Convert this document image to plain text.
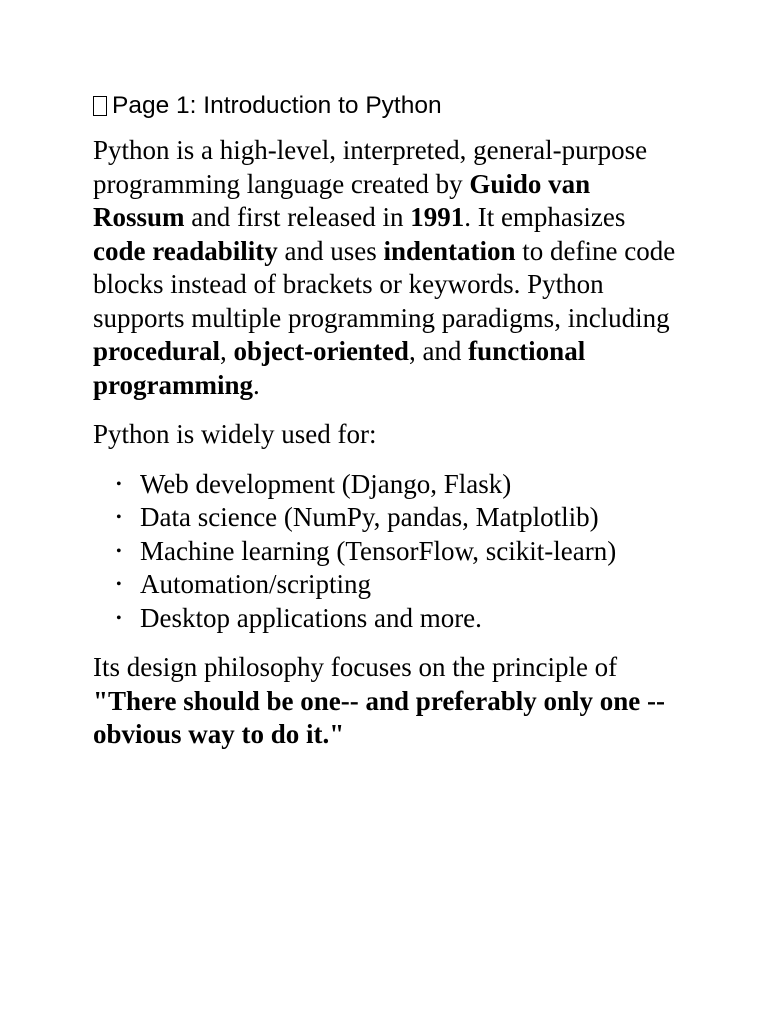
Page 1: Introduction to Python

Python is a high-level, interpreted, general-purpose programming language created by Guido van Rossum and first released in 1991. It emphasizes code readability and uses indentation to define code blocks instead of brackets or keywords. Python supports multiple programming paradigms, including procedural, object-oriented, and functional programming.

Python is widely used for:

• Web development (Django, Flask)
• Data science (NumPy, pandas, Matplotlib)
• Machine learning (TensorFlow, scikit-learn)
• Automation/scripting
• Desktop applications and more.

Its design philosophy focuses on the principle of "There should be one-- and preferably only one --obvious way to do it."
